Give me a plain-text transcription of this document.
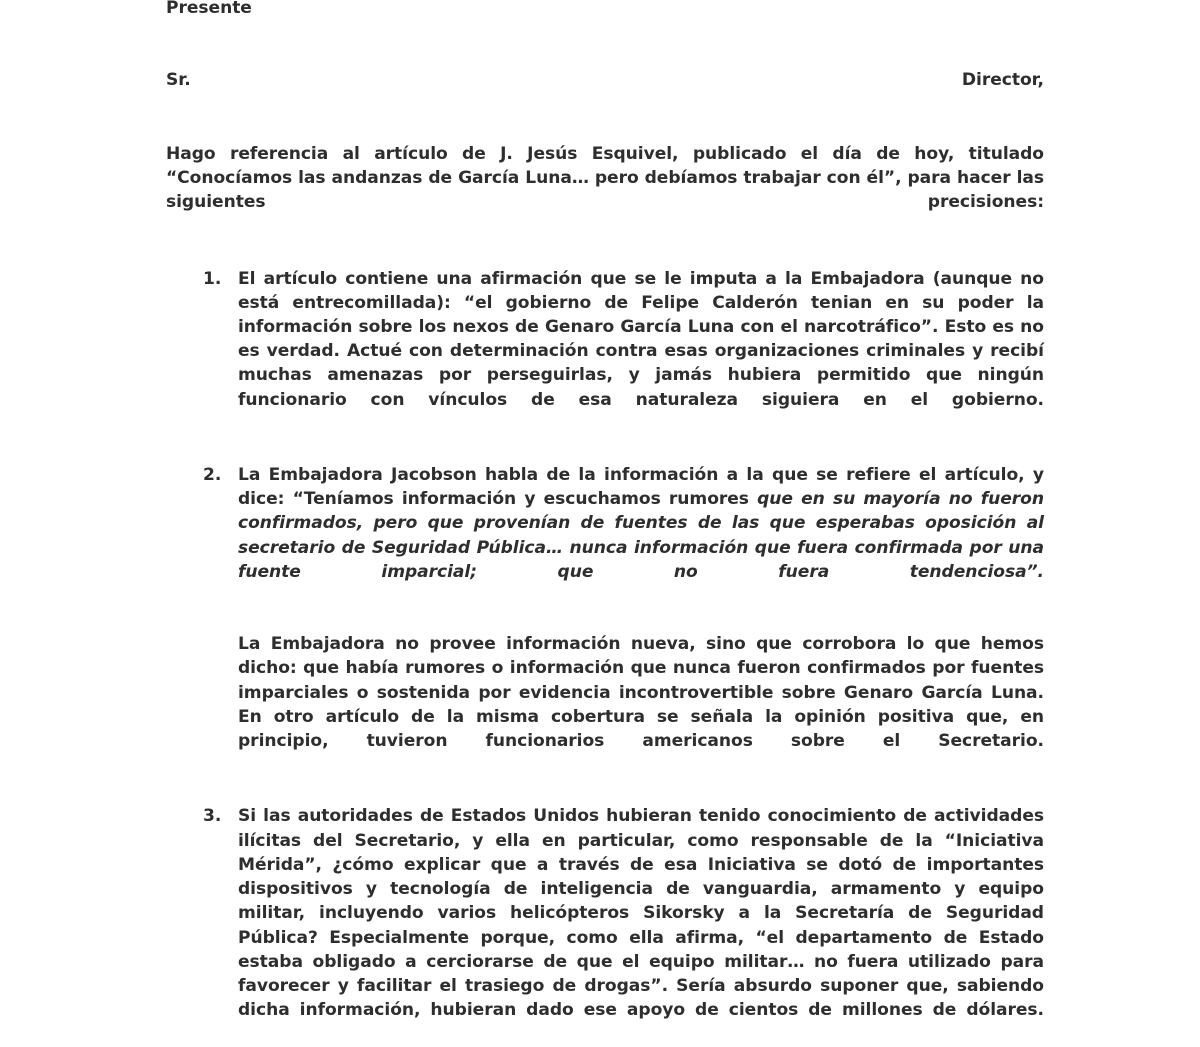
Presente

Sr. Director,

Hago referencia al artículo de J. Jesús Esquivel, publicado el día de hoy, titulado “Conocíamos las andanzas de García Luna… pero debíamos trabajar con él”, para hacer las siguientes precisiones:

1. El artículo contiene una afirmación que se le imputa a la Embajadora (aunque no está entrecomillada): “el gobierno de Felipe Calderón tenian en su poder la información sobre los nexos de Genaro García Luna con el narcotráfico”. Esto es no es verdad. Actué con determinación contra esas organizaciones criminales y recibí muchas amenazas por perseguirlas, y jamás hubiera permitido que ningún funcionario con vínculos de esa naturaleza siguiera en el gobierno.

2. La Embajadora Jacobson habla de la información a la que se refiere el artículo, y dice: “Teníamos información y escuchamos rumores que en su mayoría no fueron confirmados, pero que provenían de fuentes de las que esperabas oposición al secretario de Seguridad Pública… nunca información que fuera confirmada por una fuente imparcial; que no fuera tendenciosa”.

La Embajadora no provee información nueva, sino que corrobora lo que hemos dicho: que había rumores o información que nunca fueron confirmados por fuentes imparciales o sostenida por evidencia incontrovertible sobre Genaro García Luna. En otro artículo de la misma cobertura se señala la opinión positiva que, en principio, tuvieron funcionarios americanos sobre el Secretario.

3. Si las autoridades de Estados Unidos hubieran tenido conocimiento de actividades ilícitas del Secretario, y ella en particular, como responsable de la “Iniciativa Mérida”, ¿cómo explicar que a través de esa Iniciativa se dotó de importantes dispositivos y tecnología de inteligencia de vanguardia, armamento y equipo militar, incluyendo varios helicópteros Sikorsky a la Secretaría de Seguridad Pública? Especialmente porque, como ella afirma, “el departamento de Estado estaba obligado a cerciorarse de que el equipo militar… no fuera utilizado para favorecer y facilitar el trasiego de drogas”. Sería absurdo suponer que, sabiendo dicha información, hubieran dado ese apoyo de cientos de millones de dólares.
